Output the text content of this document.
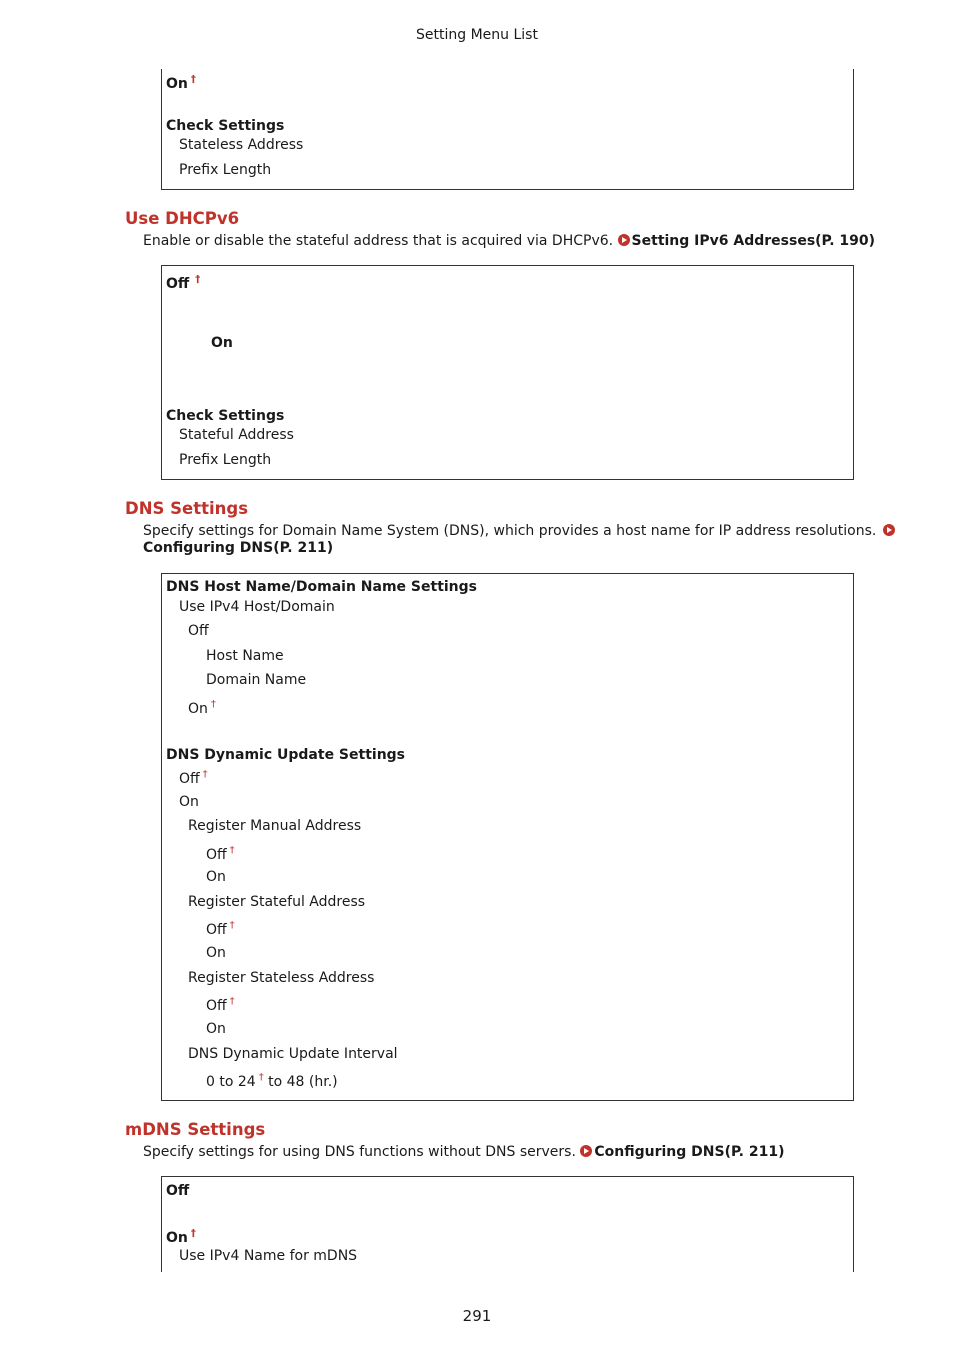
Setting Menu List
On †
Check Settings
Stateless Address
Prefix Length
Use DHCPv6
Enable or disable the stateful address that is acquired via DHCPv6. Setting IPv6 Addresses(P. 190)
Off †
On
Check Settings
Stateful Address
Prefix Length
DNS Settings
Specify settings for Domain Name System (DNS), which provides a host name for IP address resolutions.
Configuring DNS(P. 211)
DNS Host Name/Domain Name Settings
Use IPv4 Host/Domain
Off
Host Name
Domain Name
On †
DNS Dynamic Update Settings
Off †
On
Register Manual Address
Off †
On
Register Stateful Address
Off †
On
Register Stateless Address
Off †
On
DNS Dynamic Update Interval
0 to 24 † to 48 (hr.)
mDNS Settings
Specify settings for using DNS functions without DNS servers. Configuring DNS(P. 211)
Off
On †
Use IPv4 Name for mDNS
291
